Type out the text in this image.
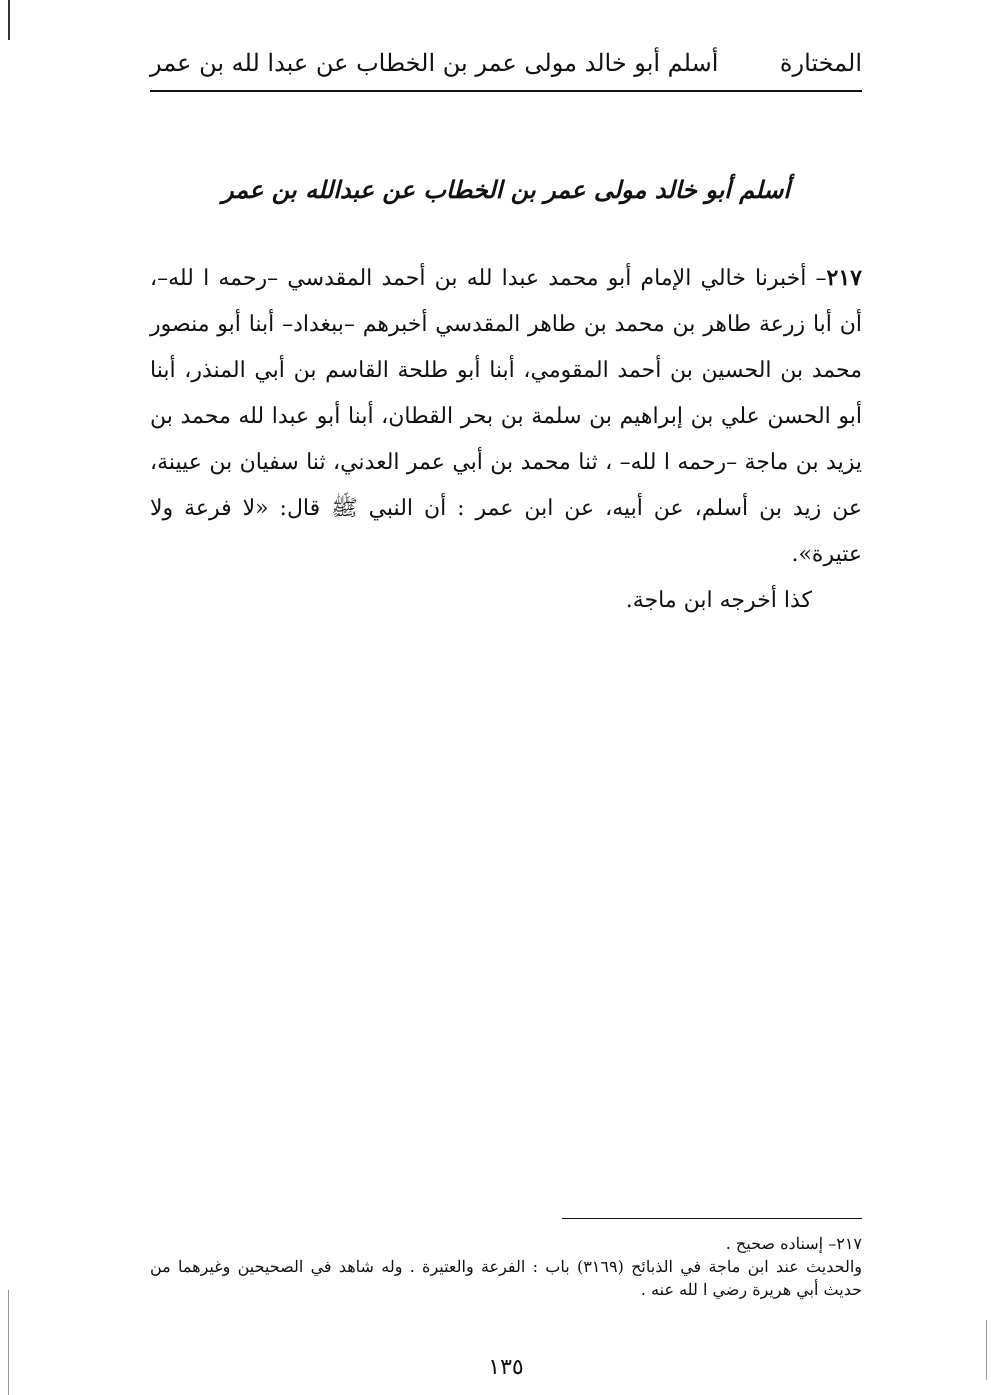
المختارة
أسلم أبو خالد مولى عمر بن الخطاب عن عبدا لله بن عمر
أسلم أبو خالد مولى عمر بن الخطاب عن عبدالله بن عمر

٢١٧– أخبرنا خالي الإمام أبو محمد عبدا لله بن أحمد المقدسي –رحمه ا لله–، أن أبا زرعة طاهر بن محمد بن طاهر المقدسي أخبرهم –ببغداد– أبنا أبو منصور محمد بن الحسين بن أحمد المقومي، أبنا أبو طلحة القاسم بن أبي المنذر، أبنا أبو الحسن علي بن إبراهيم بن سلمة بن بحر القطان، أبنا أبو عبدا لله محمد بن يزيد بن ماجة –رحمه ا لله– ، ثنا محمد بن أبي عمر العدني، ثنا سفيان بن عيينة، عن زيد بن أسلم، عن أبيه، عن ابن عمر : أن النبي ﷺ قال: «لا فرعة ولا عتيرة».

كذا أخرجه ابن ماجة.

٢١٧– إسناده صحيح .

والحديث عند ابن ماجة في الذبائح (٣١٦٩) باب : الفرعة والعتيرة . وله شاهد في الصحيحين وغيرهما من حديث أبي هريرة رضي ا لله عنه .

١٣٥
